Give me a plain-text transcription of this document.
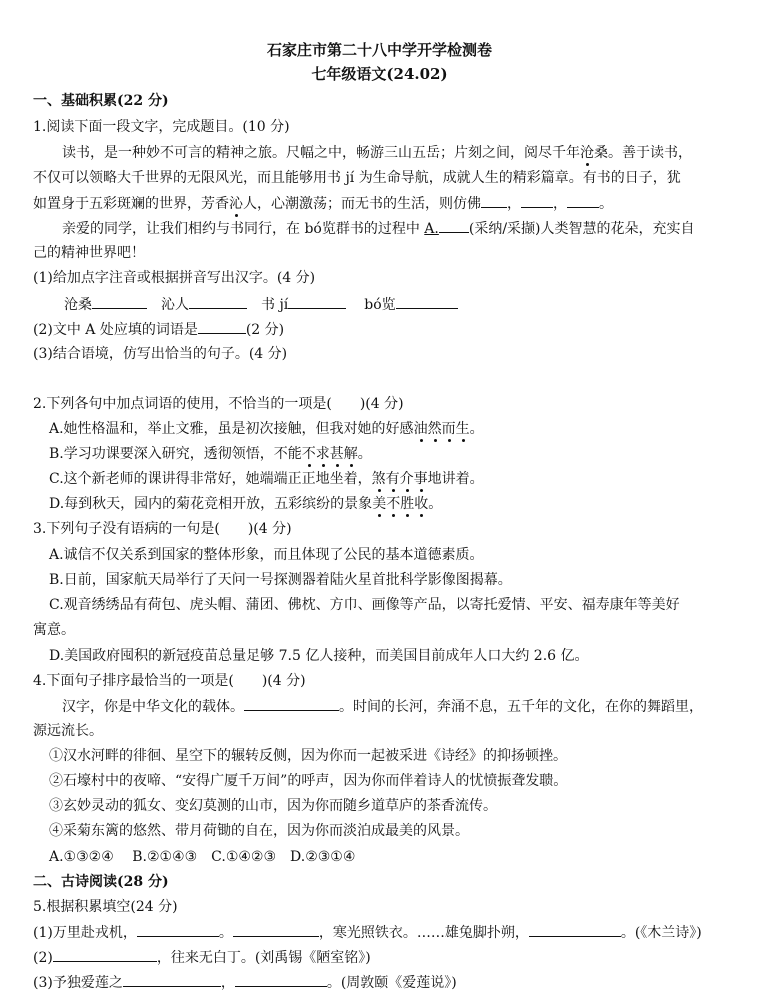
石家庄市第二十八中学开学检测卷
七年级语文(24.02)
一、基础积累(22 分)
1.阅读下面一段文字，完成题目。(10 分)
读书，是一种妙不可言的精神之旅。尺幅之中，畅游三山五岳；片刻之间，阅尽千年沧桑。善于读书，
不仅可以领略大千世界的无限风光，而且能够用书 jí 为生命导航，成就人生的精彩篇章。有书的日子，犹
如置身于五彩斑斓的世界，芳香沁人，心潮激荡；而无书的生活，则仿佛 ， ， 。
亲爱的同学，让我们相约与书同行，在 bó览群书的过程中 A. (采纳/采撷)人类智慧的花朵，充实自
己的精神世界吧！
(1)给加点字注音或根据拼音写出汉字。(4 分)
沧桑	沁人	书 jí	bó览
(2)文中 A 处应填的词语是	(2 分)
(3)结合语境，仿写出恰当的句子。(4 分)
2.下列各句中加点词语的使用，不恰当的一项是(　　)(4 分)
A.她性格温和，举止文雅，虽是初次接触，但我对她的好感油然而生。
B.学习功课要深入研究，透彻领悟，不能不求甚解。
C.这个新老师的课讲得非常好，她端端正正地坐着，煞有介事地讲着。
D.每到秋天，园内的菊花竞相开放，五彩缤纷的景象美不胜收。
3.下列句子没有语病的一句是(　　)(4 分)
A.诚信不仅关系到国家的整体形象，而且体现了公民的基本道德素质。
B.日前，国家航天局举行了天问一号探测器着陆火星首批科学影像图揭幕。
C.观音绣绣品有荷包、虎头帽、蒲团、佛枕、方巾、画像等产品，以寄托爱情、平安、福寿康年等美好
寓意。
D.美国政府囤积的新冠疫苗总量足够 7.5 亿人接种，而美国目前成年人口大约 2.6 亿。
4.下面句子排序最恰当的一项是(　　)(4 分)
汉字，你是中华文化的载体。	。时间的长河，奔涌不息，五千年的文化，在你的舞蹈里，
源远流长。
①汉水河畔的徘徊、星空下的辗转反侧，因为你而一起被采进《诗经》的抑扬顿挫。
②石壕村中的夜啼、“安得广厦千万间”的呼声，因为你而伴着诗人的忧愤振聋发聩。
③玄妙灵动的狐女、变幻莫测的山市，因为你而随乡道草庐的茶香流传。
④采菊东篱的悠然、带月荷锄的自在，因为你而淡泊成最美的风景。
A.①③②④　 B.②①④③　C.①④②③　D.②③①④
二、古诗阅读(28 分)
5.根据积累填空(24 分)
(1)万里赴戎机，	。	，寒光照铁衣。……雄兔脚扑朔，	。(《木兰诗》)
(2)	，往来无白丁。(刘禹锡《陋室铭》)
(3)予独爱莲之	，	。(周敦颐《爱莲说》)
